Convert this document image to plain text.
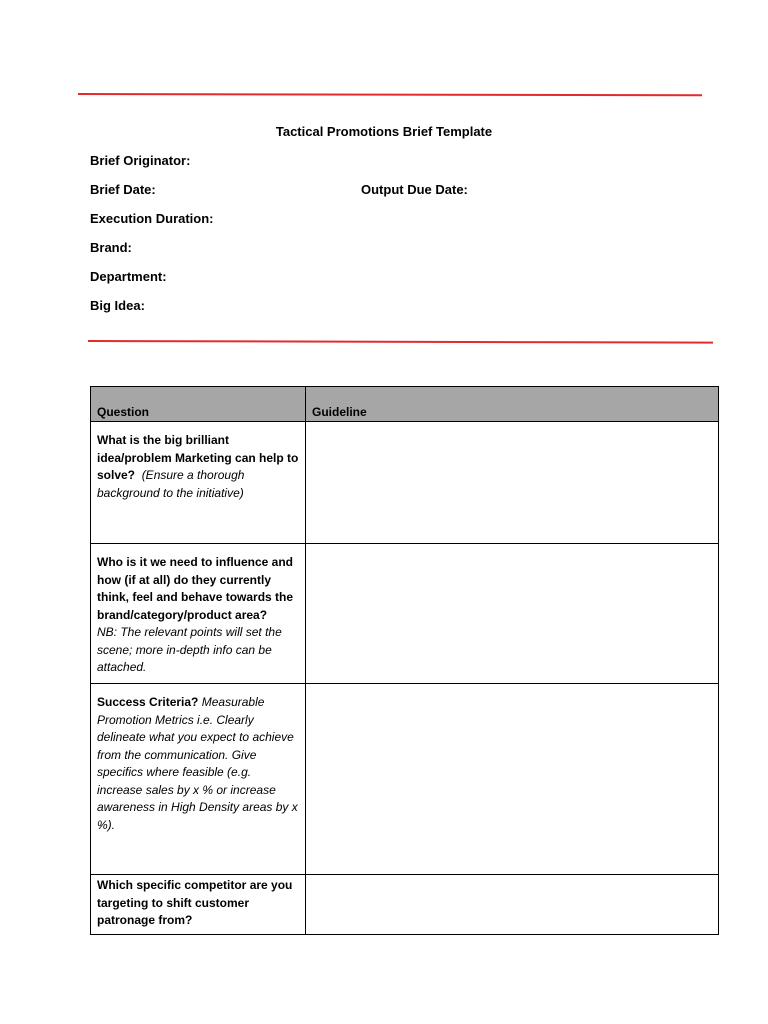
Tactical Promotions Brief Template
Brief Originator:
Brief Date:	Output Due Date:
Execution Duration:
Brand:
Department:
Big Idea:
Question	Guideline

What is the big brilliant idea/problem Marketing can help to solve? (Ensure a thorough background to the initiative)	

Who is it we need to influence and how (if at all) do they currently think, feel and behave towards the brand/category/product area?
NB: The relevant points will set the scene; more in-depth info can be attached.	

Success Criteria? Measurable Promotion Metrics i.e. Clearly delineate what you expect to achieve from the communication. Give specifics where feasible (e.g. increase sales by x % or increase awareness in High Density areas by x %).	

Which specific competitor are you targeting to shift customer patronage from?	
